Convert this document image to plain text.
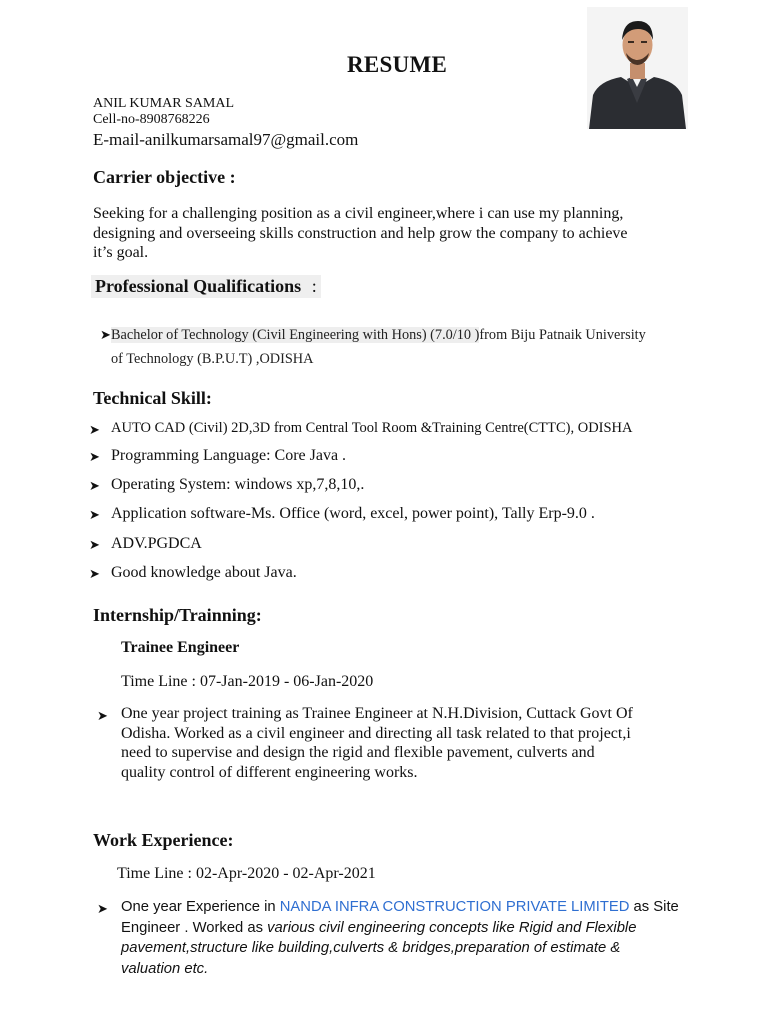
RESUME
ANIL KUMAR SAMAL
Cell-no-8908768226
E-mail-anilkumarsamal97@gmail.com
Carrier objective :
Seeking for a challenging position as a civil engineer,where i can use my planning,
designing and overseeing skills construction and help grow the company to achieve
it’s goal.
Professional Qualifications :
➤ Bachelor of Technology (Civil Engineering with Hons) (7.0/10 )from Biju Patnaik University
of Technology (B.P.U.T) ,ODISHA
Technical Skill:
➤ AUTO CAD (Civil) 2D,3D from Central Tool Room &Training Centre(CTTC), ODISHA
➤ Programming Language: Core Java .
➤ Operating System: windows xp,7,8,10,.
➤ Application software-Ms. Office (word, excel, power point), Tally Erp-9.0 .
➤ ADV.PGDCA
➤ Good knowledge about Java.
Internship/Trainning:
Trainee Engineer
Time Line : 07-Jan-2019 - 06-Jan-2020
➤ One year project training as Trainee Engineer at N.H.Division, Cuttack Govt Of
Odisha. Worked as a civil engineer and directing all task related to that project,i
need to supervise and design the rigid and flexible pavement, culverts and
quality control of different engineering works.
Work Experience:
Time Line : 02-Apr-2020 - 02-Apr-2021
➤ One year Experience in NANDA INFRA CONSTRUCTION PRIVATE LIMITED as Site
Engineer . Worked as various civil engineering concepts like Rigid and Flexible
pavement,structure like building,culverts & bridges,preparation of estimate &
valuation etc.
